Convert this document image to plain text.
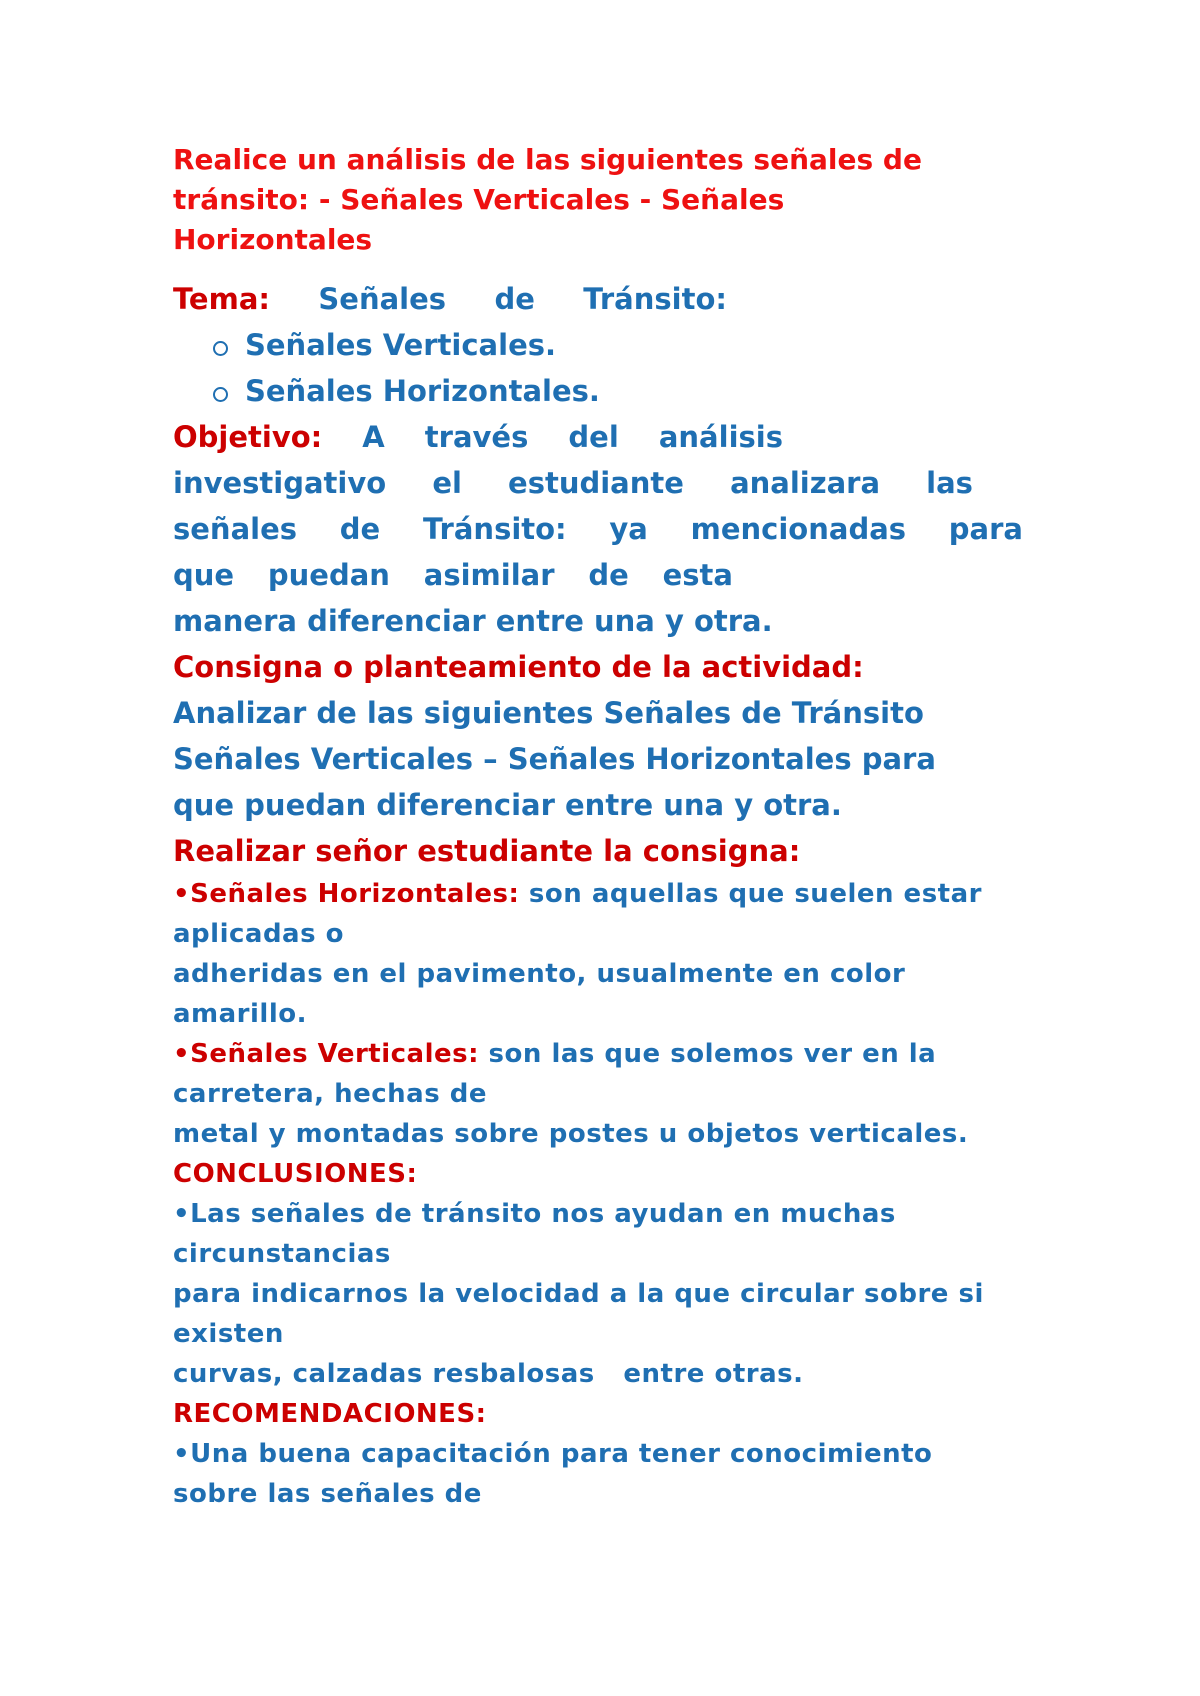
Realice un análisis de las siguientes señales de
tránsito: - Señales Verticales - Señales
Horizontales
Tema: Señales de Tránsito:
Señales Verticales.
Señales Horizontales.
Objetivo: A través del análisis
investigativo el estudiante analizara las
señales de Tránsito: ya mencionadas para
que puedan asimilar de esta
manera diferenciar entre una y otra.
Consigna o planteamiento de la actividad:
Analizar de las siguientes Señales de Tránsito
Señales Verticales – Señales Horizontales para
que puedan diferenciar entre una y otra.
Realizar señor estudiante la consigna:
•Señales Horizontales: son aquellas que suelen estar
aplicadas o
adheridas en el pavimento, usualmente en color
amarillo.
•Señales Verticales: son las que solemos ver en la
carretera, hechas de
metal y montadas sobre postes u objetos verticales.
CONCLUSIONES:
•Las señales de tránsito nos ayudan en muchas
circunstancias
para indicarnos la velocidad a la que circular sobre si
existen
curvas, calzadas resbalosas   entre otras.
RECOMENDACIONES:
•Una buena capacitación para tener conocimiento
sobre las señales de
